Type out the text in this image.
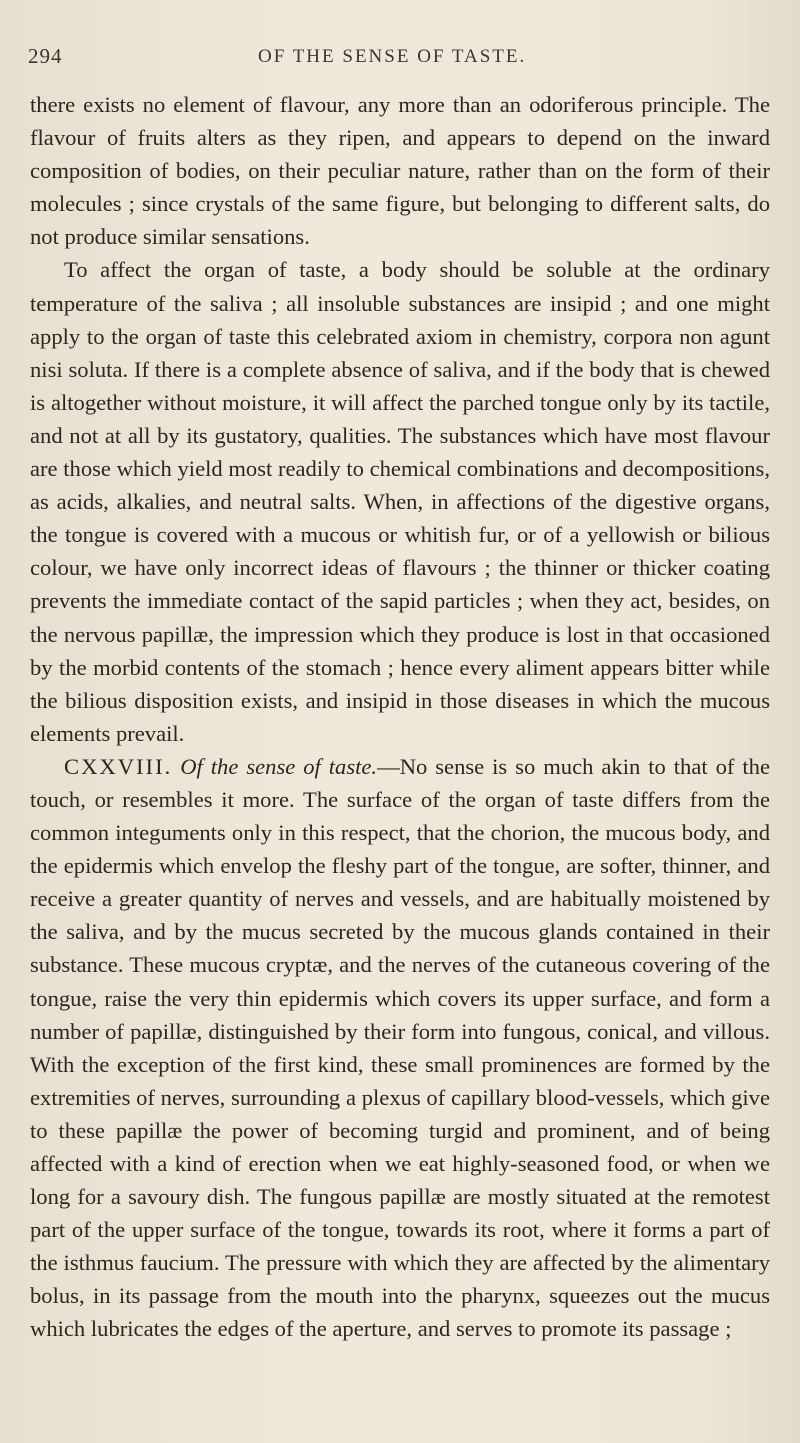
294	OF THE SENSE OF TASTE.

there exists no element of flavour, any more than an odoriferous principle. The flavour of fruits alters as they ripen, and appears to depend on the inward composition of bodies, on their peculiar nature, rather than on the form of their molecules ; since crystals of the same figure, but belonging to different salts, do not produce similar sensations.

To affect the organ of taste, a body should be soluble at the ordinary temperature of the saliva ; all insoluble substances are insipid ; and one might apply to the organ of taste this celebrated axiom in chemistry, corpora non agunt nisi soluta. If there is a complete absence of saliva, and if the body that is chewed is altogether without moisture, it will affect the parched tongue only by its tactile, and not at all by its gustatory, qualities. The substances which have most flavour are those which yield most readily to chemical combinations and decompositions, as acids, alkalies, and neutral salts. When, in affections of the digestive organs, the tongue is covered with a mucous or whitish fur, or of a yellowish or bilious colour, we have only incorrect ideas of flavours ; the thinner or thicker coating prevents the immediate contact of the sapid particles ; when they act, besides, on the nervous papillæ, the impression which they produce is lost in that occasioned by the morbid contents of the stomach ; hence every aliment appears bitter while the bilious disposition exists, and insipid in those diseases in which the mucous elements prevail.

CXXVIII. Of the sense of taste.—No sense is so much akin to that of the touch, or resembles it more. The surface of the organ of taste differs from the common integuments only in this respect, that the chorion, the mucous body, and the epidermis which envelop the fleshy part of the tongue, are softer, thinner, and receive a greater quantity of nerves and vessels, and are habitually moistened by the saliva, and by the mucus secreted by the mucous glands contained in their substance. These mucous cryptæ, and the nerves of the cutaneous covering of the tongue, raise the very thin epidermis which covers its upper surface, and form a number of papillæ, distinguished by their form into fungous, conical, and villous. With the exception of the first kind, these small prominences are formed by the extremities of nerves, surrounding a plexus of capillary blood-vessels, which give to these papillæ the power of becoming turgid and prominent, and of being affected with a kind of erection when we eat highly-seasoned food, or when we long for a savoury dish. The fungous papillæ are mostly situated at the remotest part of the upper surface of the tongue, towards its root, where it forms a part of the isthmus faucium. The pressure with which they are affected by the alimentary bolus, in its passage from the mouth into the pharynx, squeezes out the mucus which lubricates the edges of the aperture, and serves to promote its passage ;
